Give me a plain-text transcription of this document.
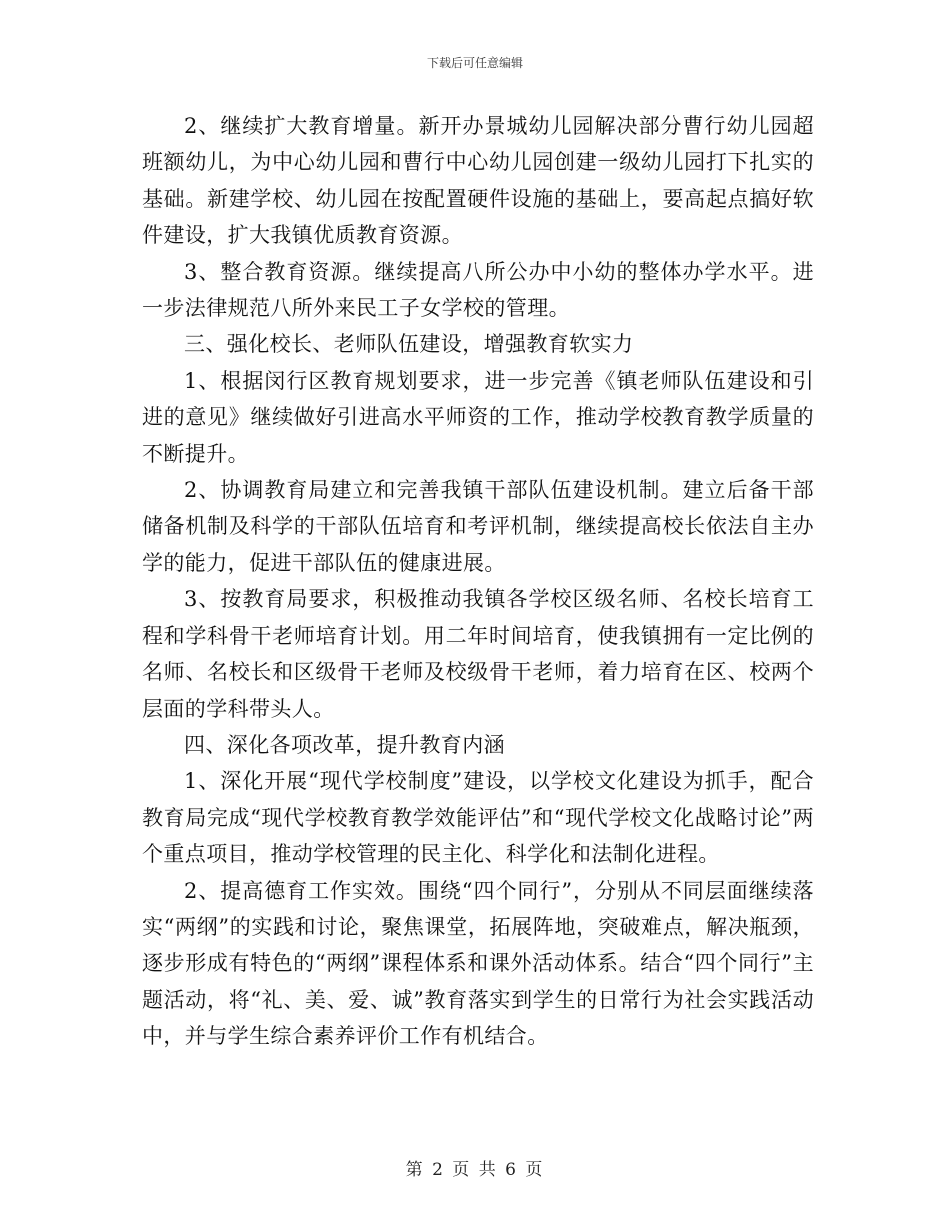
下载后可任意编辑

2、继续扩大教育增量。新开办景城幼儿园解决部分曹行幼儿园超班额幼儿，为中心幼儿园和曹行中心幼儿园创建一级幼儿园打下扎实的基础。新建学校、幼儿园在按配置硬件设施的基础上，要高起点搞好软件建设，扩大我镇优质教育资源。

3、整合教育资源。继续提高八所公办中小幼的整体办学水平。进一步法律规范八所外来民工子女学校的管理。

三、强化校长、老师队伍建设，增强教育软实力

1、根据闵行区教育规划要求，进一步完善《镇老师队伍建设和引进的意见》继续做好引进高水平师资的工作，推动学校教育教学质量的不断提升。

2、协调教育局建立和完善我镇干部队伍建设机制。建立后备干部储备机制及科学的干部队伍培育和考评机制，继续提高校长依法自主办学的能力，促进干部队伍的健康进展。

3、按教育局要求，积极推动我镇各学校区级名师、名校长培育工程和学科骨干老师培育计划。用二年时间培育，使我镇拥有一定比例的名师、名校长和区级骨干老师及校级骨干老师，着力培育在区、校两个层面的学科带头人。

四、深化各项改革，提升教育内涵

1、深化开展“现代学校制度”建设，以学校文化建设为抓手，配合教育局完成“现代学校教育教学效能评估”和“现代学校文化战略讨论”两个重点项目，推动学校管理的民主化、科学化和法制化进程。

2、提高德育工作实效。围绕“四个同行”，分别从不同层面继续落实“两纲”的实践和讨论，聚焦课堂，拓展阵地，突破难点，解决瓶颈，逐步形成有特色的“两纲”课程体系和课外活动体系。结合“四个同行”主题活动，将“礼、美、爱、诚”教育落实到学生的日常行为社会实践活动中，并与学生综合素养评价工作有机结合。

第 2 页 共 6 页
